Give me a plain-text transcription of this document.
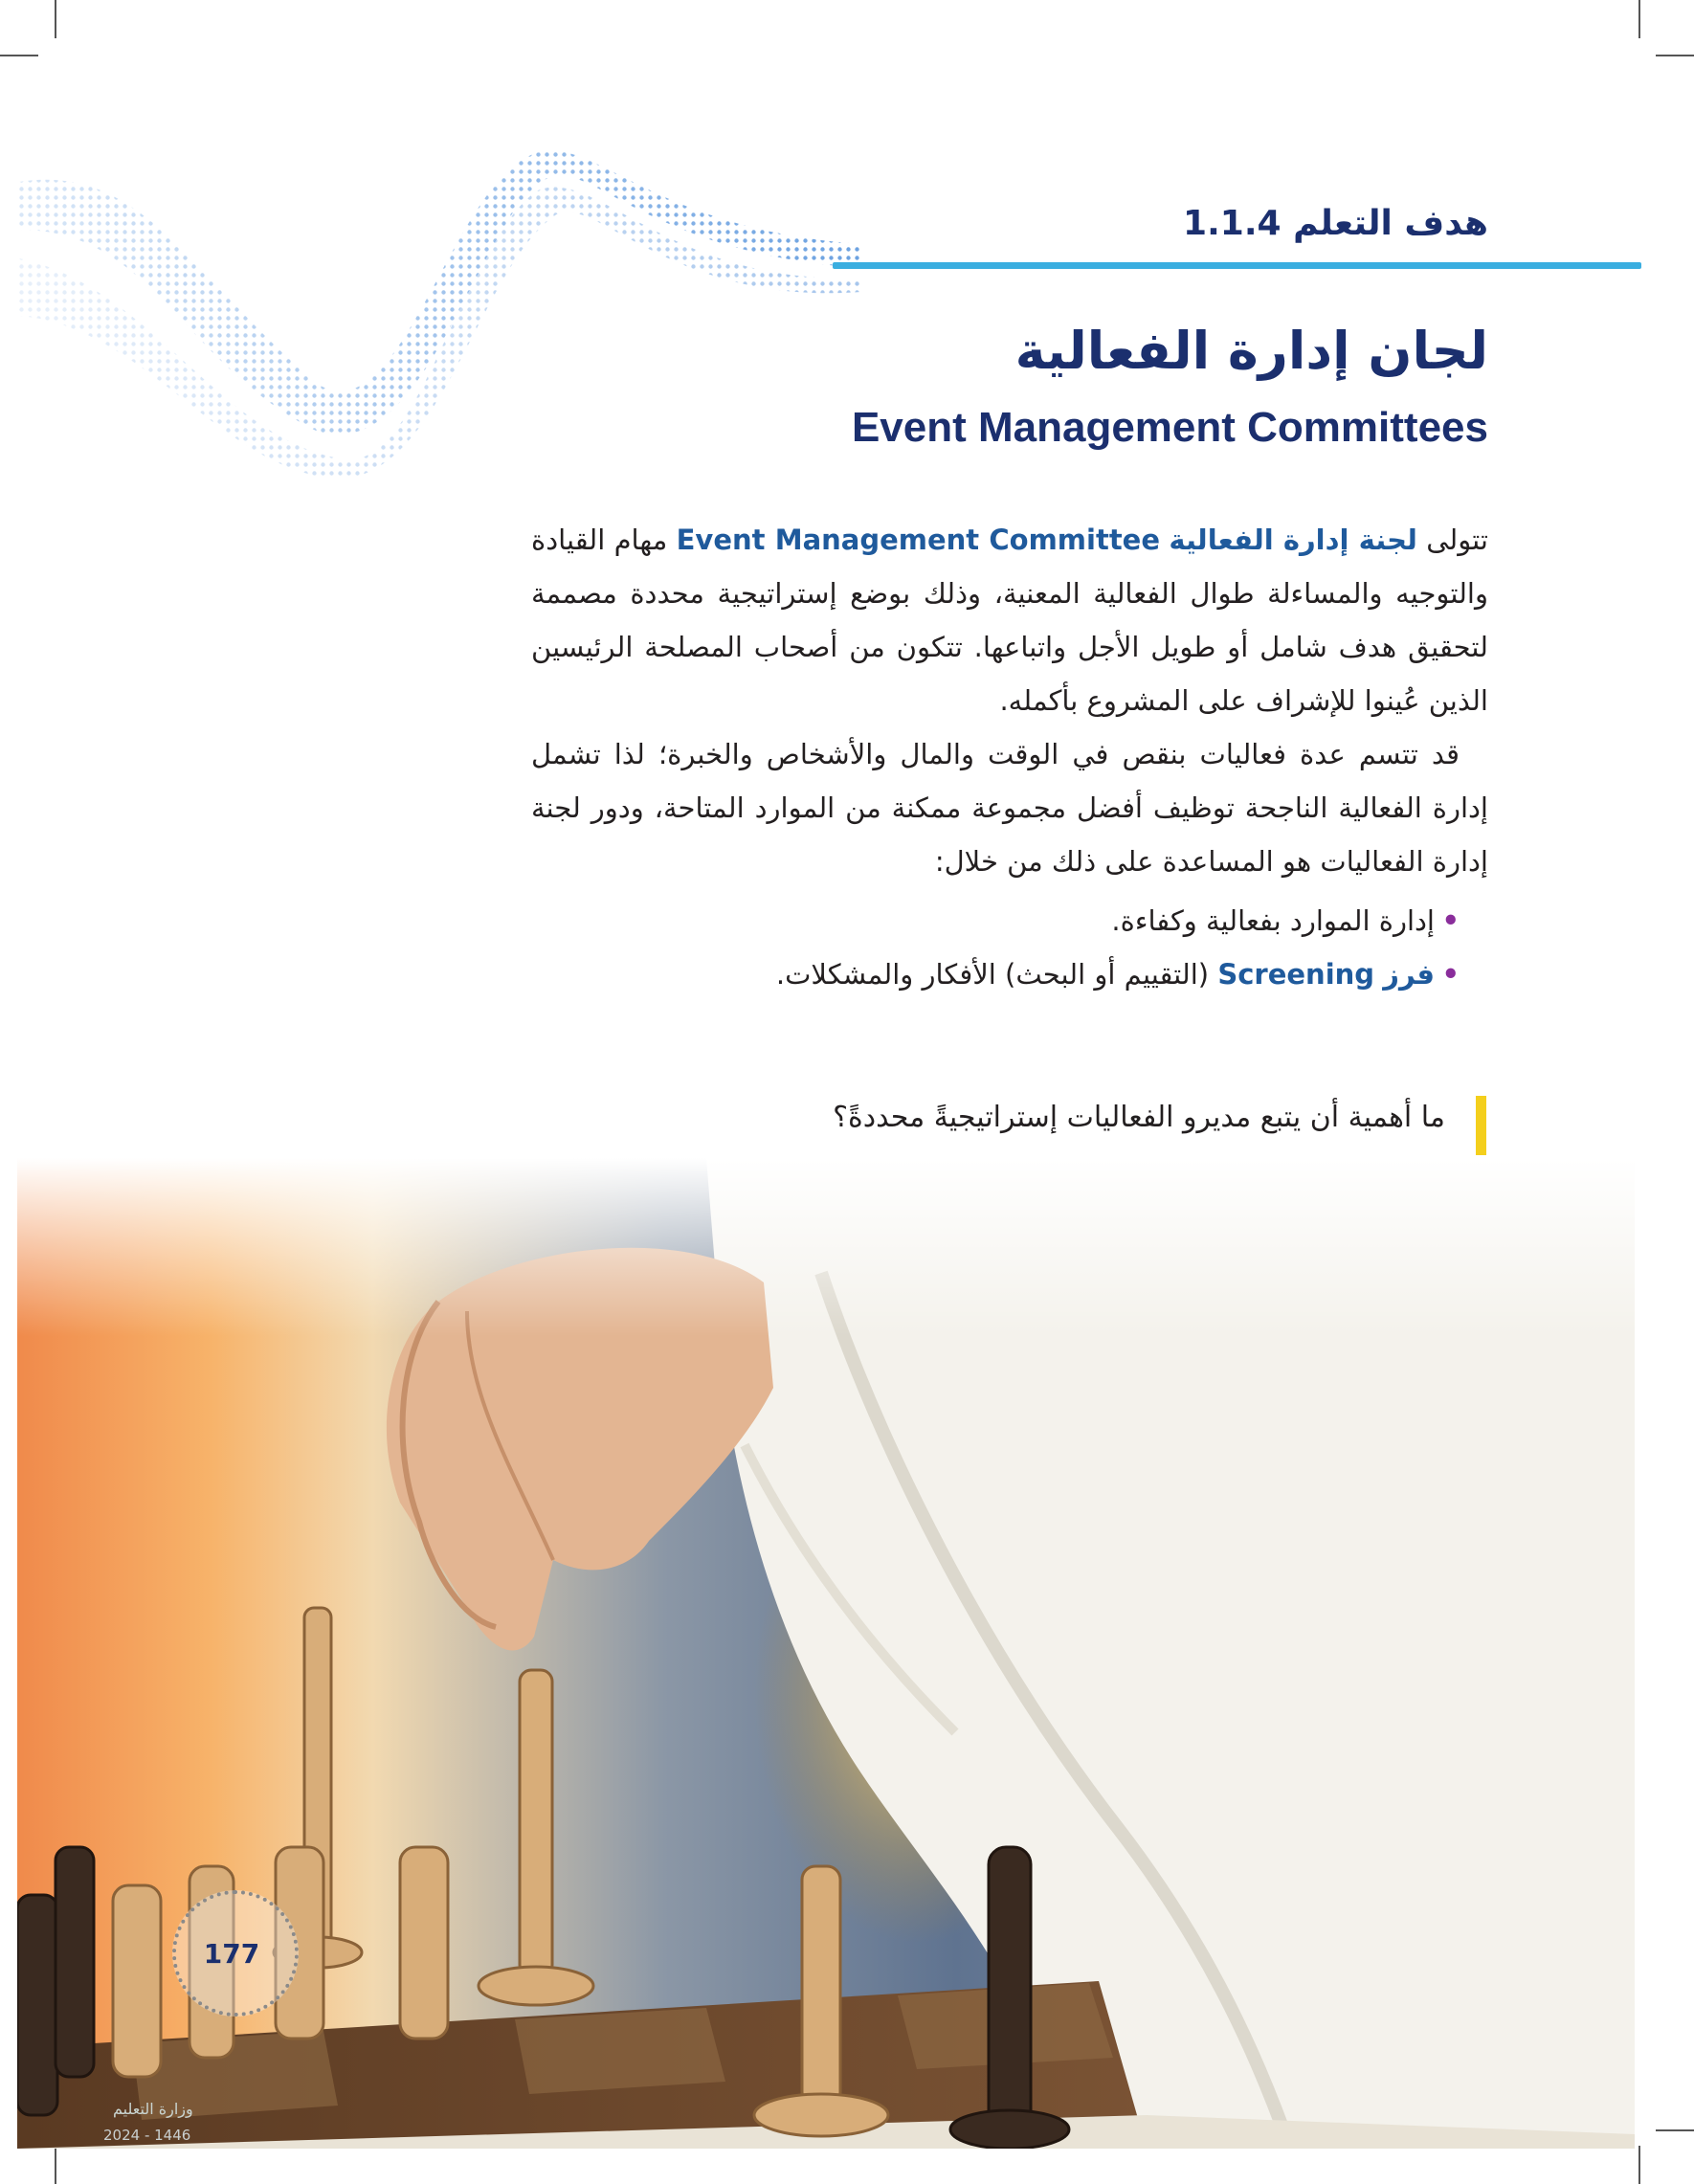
هدف التعلم 1.1.4
لجان إدارة الفعالية
Event Management Committees

تتولى لجنة إدارة الفعالية Event Management Committee مهام القيادة والتوجيه والمساءلة طوال الفعالية المعنية، وذلك بوضع إستراتيجية محددة مصممة لتحقيق هدف شامل أو طويل الأجل واتباعها. تتكون من أصحاب المصلحة الرئيسين الذين عُينوا للإشراف على المشروع بأكمله.

قد تتسم عدة فعاليات بنقص في الوقت والمال والأشخاص والخبرة؛ لذا تشمل إدارة الفعالية الناجحة توظيف أفضل مجموعة ممكنة من الموارد المتاحة، ودور لجنة إدارة الفعاليات هو المساعدة على ذلك من خلال:

•
إدارة الموارد بفعالية وكفاءة.
•
فرز Screening (التقييم أو البحث) الأفكار والمشكلات.
ما أهمية أن يتبع مديرو الفعاليات إستراتيجيةً محددةً؟
177
وزارة التعليم
2024 - 1446
